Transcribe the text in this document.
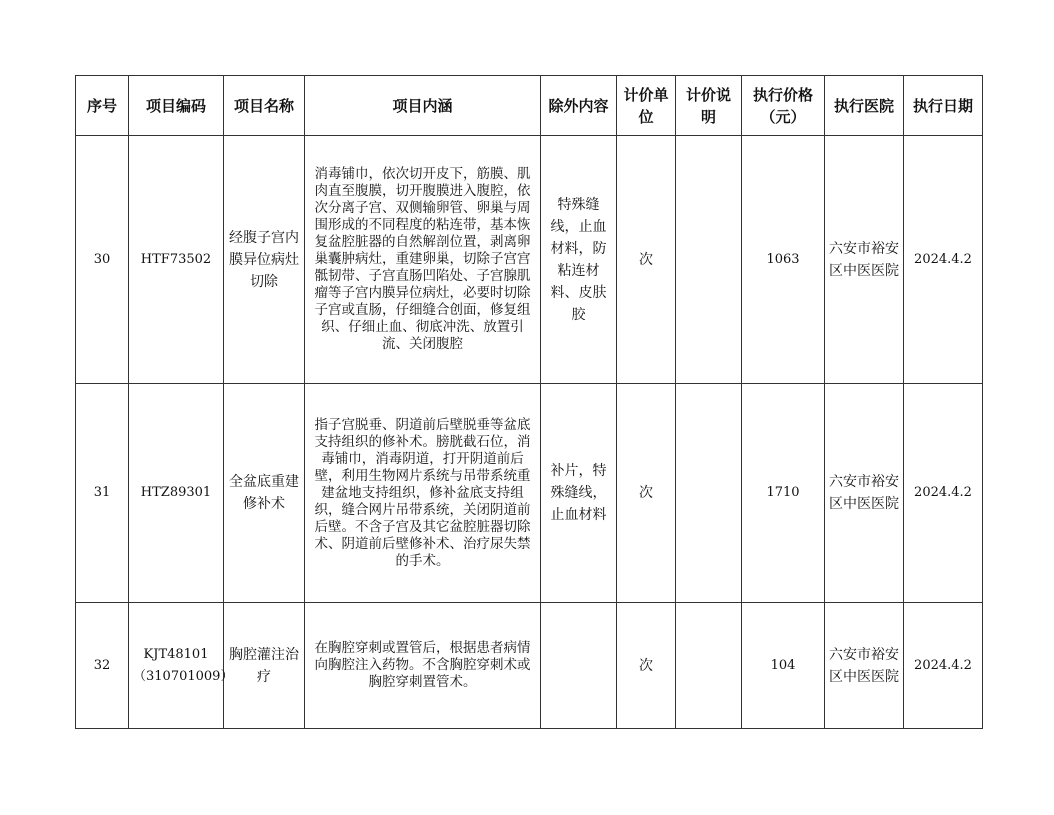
序号	项目编码	项目名称	项目内涵	除外内容	计价单位	计价说明	执行价格（元）	执行医院	执行日期
30	HTF73502	经腹子宫内膜异位病灶切除	消毒铺巾，依次切开皮下，筋膜、肌肉直至腹膜，切开腹膜进入腹腔，依次分离子宫、双侧输卵管、卵巢与周围形成的不同程度的粘连带，基本恢复盆腔脏器的自然解剖位置，剥离卵巢囊肿病灶，重建卵巢，切除子宫宫骶韧带、子宫直肠凹陷处、子宫腺肌瘤等子宫内膜异位病灶，必要时切除子宫或直肠，仔细缝合创面，修复组织、仔细止血、彻底冲洗、放置引流、关闭腹腔	特殊缝线，止血材料，防粘连材料、皮肤胶	次		1063	六安市裕安区中医医院	2024.4.2
31	HTZ89301	全盆底重建修补术	指子宫脱垂、阴道前后壁脱垂等盆底支持组织的修补术。膀胱截石位，消毒铺巾，消毒阴道，打开阴道前后壁，利用生物网片系统与吊带系统重建盆地支持组织，修补盆底支持组织，缝合网片吊带系统，关闭阴道前后壁。不含子宫及其它盆腔脏器切除术、阴道前后壁修补术、治疗尿失禁的手术。	补片，特殊缝线，止血材料	次		1710	六安市裕安区中医医院	2024.4.2
32	KJT48101（310701009）	胸腔灌注治疗	在胸腔穿刺或置管后，根据患者病情向胸腔注入药物。不含胸腔穿刺术或胸腔穿刺置管术。		次		104	六安市裕安区中医医院	2024.4.2
